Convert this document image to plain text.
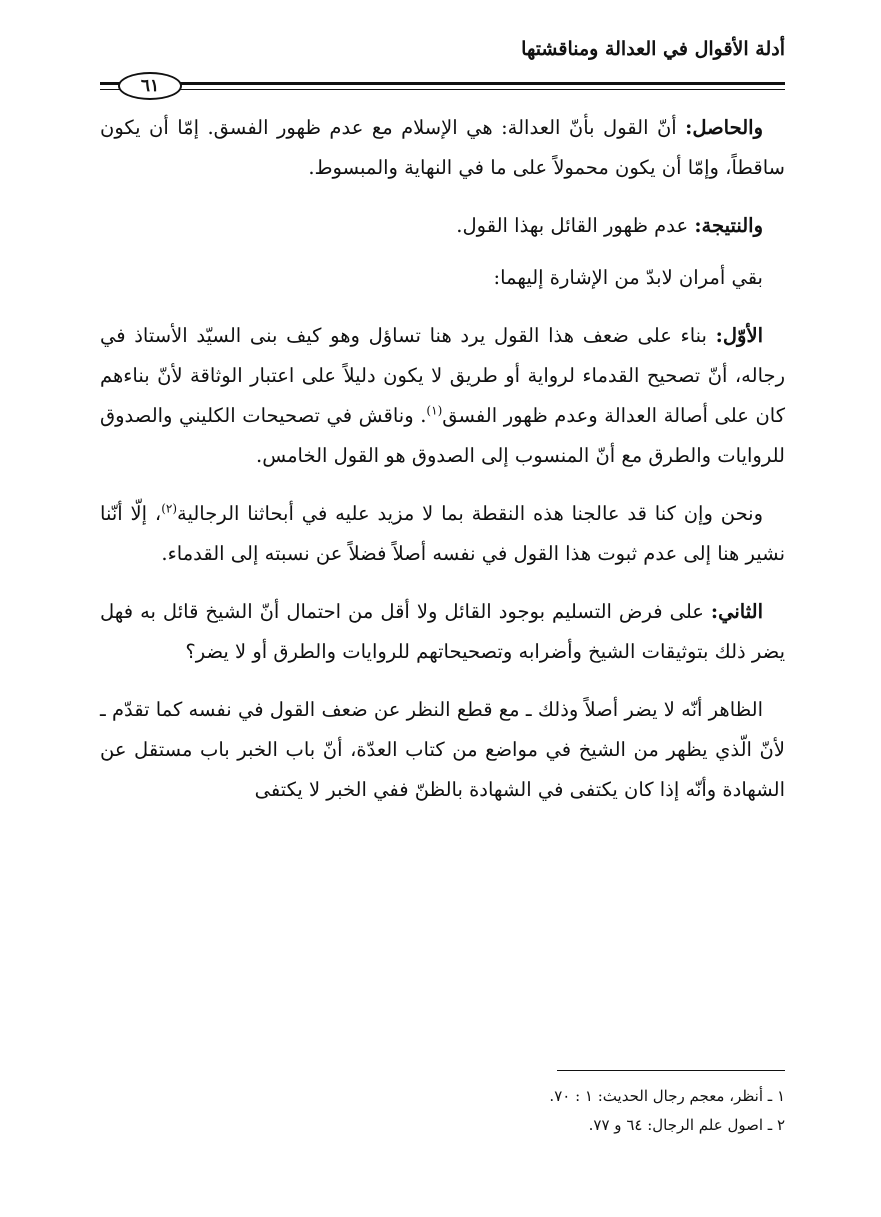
أدلة الأقوال في العدالة ومناقشتها
٦١

والحاصل: أنّ القول بأنّ العدالة: هي الإسلام مع عدم ظهور الفسق. إمّا أن يكون ساقطاً، وإمّا أن يكون محمولاً على ما في النهاية والمبسوط.

والنتيجة: عدم ظهور القائل بهذا القول.

بقي أمران لابدّ من الإشارة إليهما:

الأوّل: بناء على ضعف هذا القول يرد هنا تساؤل وهو كيف بنى السيّد الأستاذ في رجاله، أنّ تصحيح القدماء لرواية أو طريق لا يكون دليلاً على اعتبار الوثاقة لأنّ بناءهم كان على أصالة العدالة وعدم ظهور الفسق$^{(١)}$. وناقش في تصحيحات الكليني والصدوق للروايات والطرق مع أنّ المنسوب إلى الصدوق هو القول الخامس.

ونحن وإن كنا قد عالجنا هذه النقطة بما لا مزيد عليه في أبحاثنا الرجالية$^{(٢)}$، إلّا أنّنا نشير هنا إلى عدم ثبوت هذا القول في نفسه أصلاً فضلاً عن نسبته إلى القدماء.

الثاني: على فرض التسليم بوجود القائل ولا أقل من احتمال أنّ الشيخ قائل به فهل يضر ذلك بتوثيقات الشيخ وأضرابه وتصحيحاتهم للروايات والطرق أو لا يضر؟

الظاهر أنّه لا يضر أصلاً وذلك ـ مع قطع النظر عن ضعف القول في نفسه كما تقدّم ـ لأنّ الّذي يظهر من الشيخ في مواضع من كتاب العدّة، أنّ باب الخبر باب مستقل عن الشهادة وأنّه إذا كان يكتفى في الشهادة بالظنّ ففي الخبر لا يكتفى

١ ـ أنظر، معجم رجال الحديث: ١ : ٧٠.
٢ ـ اصول علم الرجال: ٦٤ و ٧٧.
